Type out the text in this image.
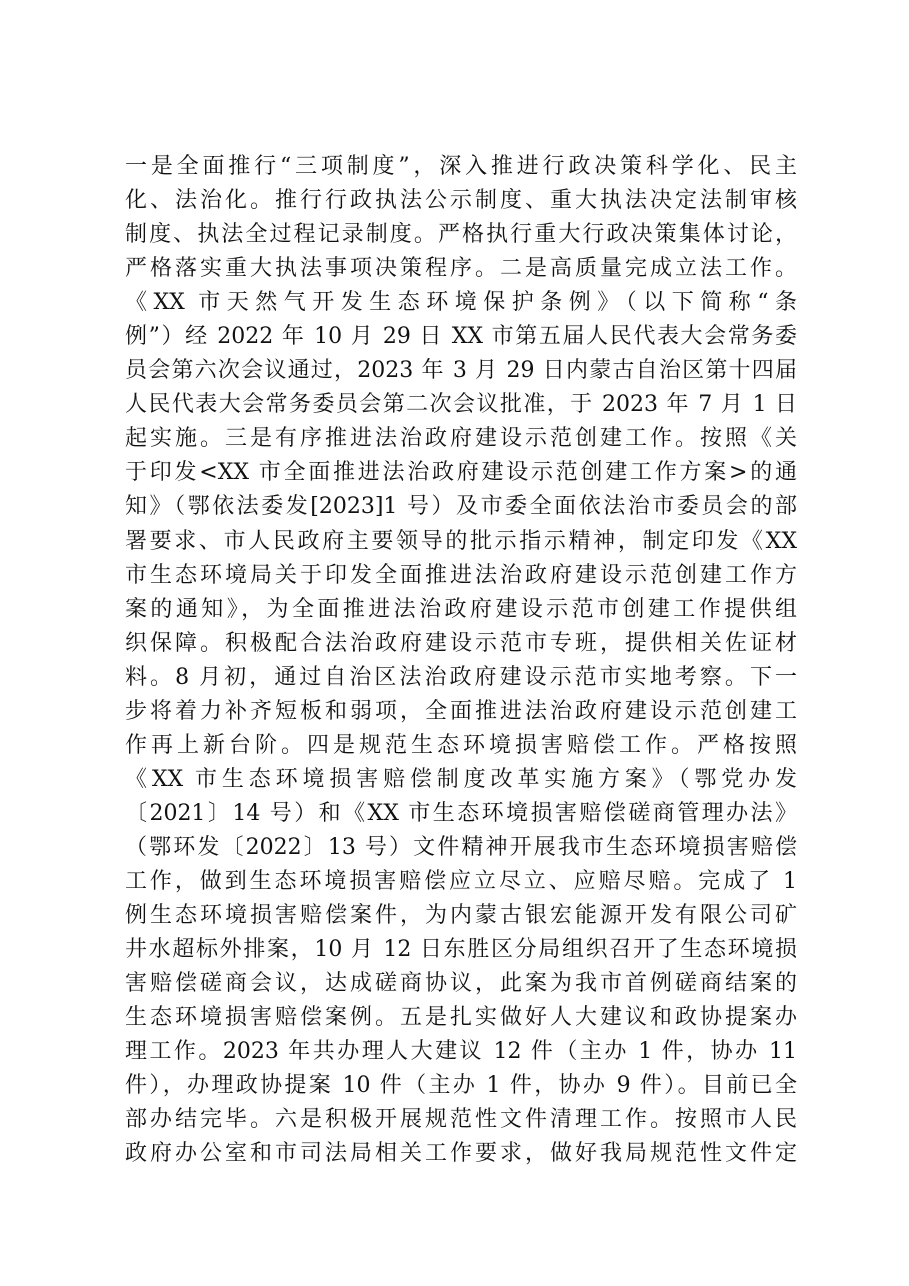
一是全面推行“三项制度”，深入推进行政决策科学化、民主
化、法治化。推行行政执法公示制度、重大执法决定法制审核
制度、执法全过程记录制度。严格执行重大行政决策集体讨论，
严格落实重大执法事项决策程序。二是高质量完成立法工作。
《XX 市天然气开发生态环境保护条例》（以下简称“条
例”）经 2022 年 10 月 29 日 XX 市第五届人民代表大会常务委
员会第六次会议通过，2023 年 3 月 29 日内蒙古自治区第十四届
人民代表大会常务委员会第二次会议批准，于 2023 年 7 月 1 日
起实施。三是有序推进法治政府建设示范创建工作。按照《关
于印发<XX 市全面推进法治政府建设示范创建工作方案>的通
知》（鄂依法委发[2023]1 号）及市委全面依法治市委员会的部
署要求、市人民政府主要领导的批示指示精神，制定印发《XX
市生态环境局关于印发全面推进法治政府建设示范创建工作方
案的通知》，为全面推进法治政府建设示范市创建工作提供组
织保障。积极配合法治政府建设示范市专班，提供相关佐证材
料。8 月初，通过自治区法治政府建设示范市实地考察。下一
步将着力补齐短板和弱项，全面推进法治政府建设示范创建工
作再上新台阶。四是规范生态环境损害赔偿工作。严格按照
《XX 市生态环境损害赔偿制度改革实施方案》（鄂党办发
〔2021〕14 号）和《XX 市生态环境损害赔偿磋商管理办法》
（鄂环发〔2022〕13 号）文件精神开展我市生态环境损害赔偿
工作，做到生态环境损害赔偿应立尽立、应赔尽赔。完成了 1
例生态环境损害赔偿案件，为内蒙古银宏能源开发有限公司矿
井水超标外排案，10 月 12 日东胜区分局组织召开了生态环境损
害赔偿磋商会议，达成磋商协议，此案为我市首例磋商结案的
生态环境损害赔偿案例。五是扎实做好人大建议和政协提案办
理工作。2023 年共办理人大建议 12 件（主办 1 件，协办 11
件），办理政协提案 10 件（主办 1 件，协办 9 件）。目前已全
部办结完毕。六是积极开展规范性文件清理工作。按照市人民
政府办公室和市司法局相关工作要求，做好我局规范性文件定
